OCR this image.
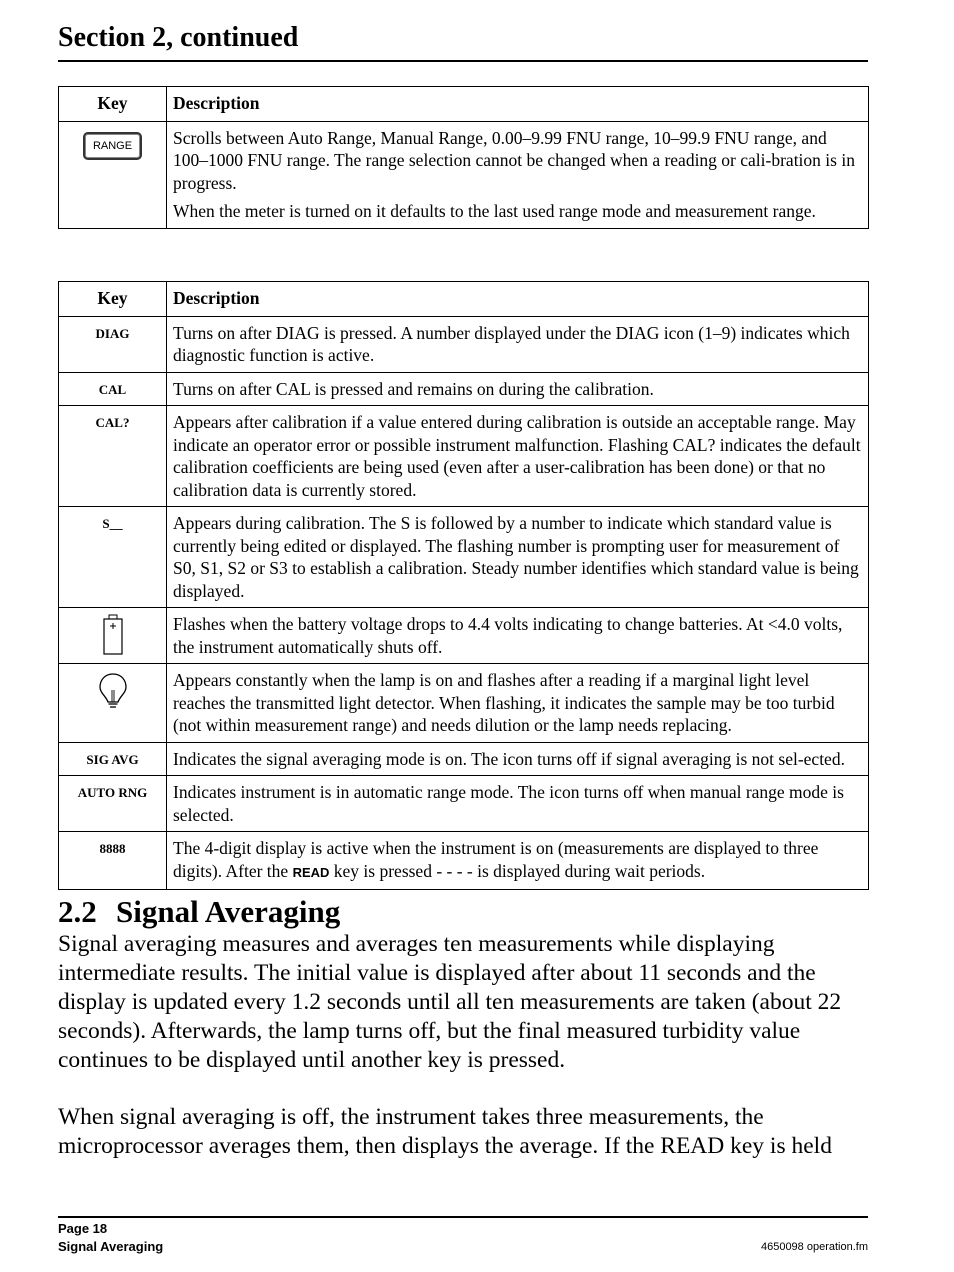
Section 2, continued
Key	Description
RANGE	Scrolls between Auto Range, Manual Range, 0.00–9.99 FNU range, 10–99.9 FNU range, and 100–1000 FNU range. The range selection cannot be changed when a reading or cali-bration is in progress.

When the meter is turned on it defaults to the last used range mode and measurement range.

Key	Description
DIAG	Turns on after DIAG is pressed. A number displayed under the DIAG icon (1–9) indicates which diagnostic function is active.
CAL	Turns on after CAL is pressed and remains on during the calibration.
CAL?	Appears after calibration if a value entered during calibration is outside an acceptable range. May indicate an operator error or possible instrument malfunction. Flashing CAL? indicates the default calibration coefficients are being used (even after a user-calibration has been done) or that no calibration data is currently stored.
S__	Appears during calibration. The S is followed by a number to indicate which standard value is currently being edited or displayed. The flashing number is prompting user for measurement of S0, S1, S2 or S3 to establish a calibration. Steady number identifies which standard value is being displayed.
	Flashes when the battery voltage drops to 4.4 volts indicating to change batteries. At <4.0 volts, the instrument automatically shuts off.
	Appears constantly when the lamp is on and flashes after a reading if a marginal light level reaches the transmitted light detector. When flashing, it indicates the sample may be too turbid (not within measurement range) and needs dilution or the lamp needs replacing.
SIG AVG	Indicates the signal averaging mode is on. The icon turns off if signal averaging is not sel-ected.
AUTO RNG	Indicates instrument is in automatic range mode. The icon turns off when manual range mode is selected.
8888	The 4-digit display is active when the instrument is on (measurements are displayed to three digits). After the READ key is pressed - - - - is displayed during wait periods.
2.2 Signal Averaging

Signal averaging measures and averages ten measurements while displaying intermediate results. The initial value is displayed after about 11 seconds and the display is updated every 1.2 seconds until all ten measurements are taken (about 22 seconds). Afterwards, the lamp turns off, but the final measured turbidity value continues to be displayed until another key is pressed.

When signal averaging is off, the instrument takes three measurements, the microprocessor averages them, then displays the average. If the READ key is held

Page 18
Signal Averaging	4650098 operation.fm
